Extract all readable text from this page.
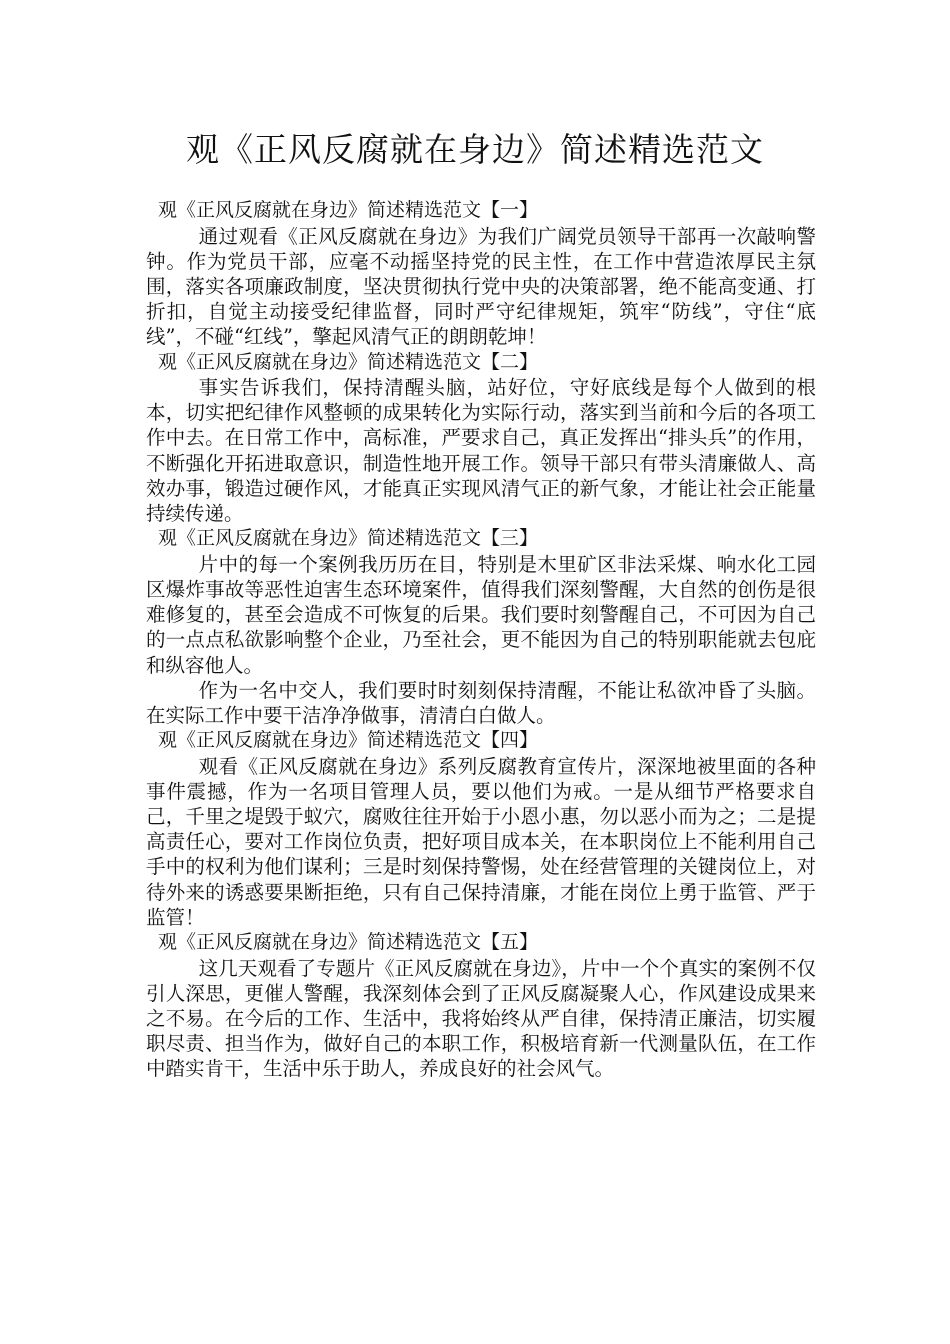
观《正风反腐就在身边》简述精选范文

观《正风反腐就在身边》简述精选范文【一】

通过观看《正风反腐就在身边》为我们广阔党员领导干部再一次敲响警钟。作为党员干部，应毫不动摇坚持党的民主性，在工作中营造浓厚民主氛围，落实各项廉政制度，坚决贯彻执行党中央的决策部署，绝不能高变通、打折扣，自觉主动接受纪律监督，同时严守纪律规矩，筑牢“防线”，守住“底线”，不碰“红线”，擎起风清气正的朗朗乾坤！

观《正风反腐就在身边》简述精选范文【二】

事实告诉我们，保持清醒头脑，站好位，守好底线是每个人做到的根本，切实把纪律作风整顿的成果转化为实际行动，落实到当前和今后的各项工作中去。在日常工作中，高标准，严要求自己，真正发挥出“排头兵”的作用，不断强化开拓进取意识，制造性地开展工作。领导干部只有带头清廉做人、高效办事，锻造过硬作风，才能真正实现风清气正的新气象，才能让社会正能量持续传递。

观《正风反腐就在身边》简述精选范文【三】

片中的每一个案例我历历在目，特别是木里矿区非法采煤、响水化工园区爆炸事故等恶性迫害生态环境案件，值得我们深刻警醒，大自然的创伤是很难修复的，甚至会造成不可恢复的后果。我们要时刻警醒自己，不可因为自己的一点点私欲影响整个企业，乃至社会，更不能因为自己的特别职能就去包庇和纵容他人。

作为一名中交人，我们要时时刻刻保持清醒，不能让私欲冲昏了头脑。在实际工作中要干洁净净做事，清清白白做人。

观《正风反腐就在身边》简述精选范文【四】

观看《正风反腐就在身边》系列反腐教育宣传片，深深地被里面的各种事件震撼，作为一名项目管理人员，要以他们为戒。一是从细节严格要求自己，千里之堤毁于蚁穴，腐败往往开始于小恩小惠，勿以恶小而为之；二是提高责任心，要对工作岗位负责，把好项目成本关，在本职岗位上不能利用自己手中的权利为他们谋利；三是时刻保持警惕，处在经营管理的关键岗位上，对待外来的诱惑要果断拒绝，只有自己保持清廉，才能在岗位上勇于监管、严于监管！

观《正风反腐就在身边》简述精选范文【五】

这几天观看了专题片《正风反腐就在身边》，片中一个个真实的案例不仅引人深思，更催人警醒，我深刻体会到了正风反腐凝聚人心，作风建设成果来之不易。在今后的工作、生活中，我将始终从严自律，保持清正廉洁，切实履职尽责、担当作为，做好自己的本职工作，积极培育新一代测量队伍，在工作中踏实肯干，生活中乐于助人，养成良好的社会风气。
